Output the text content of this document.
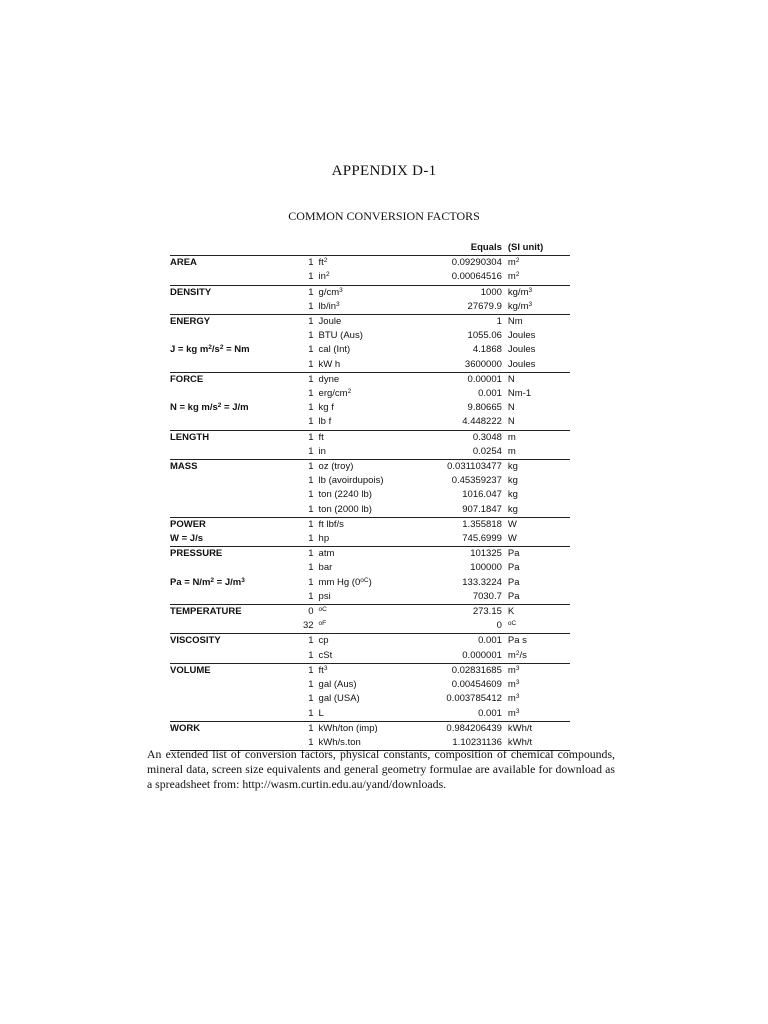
APPENDIX D-1
COMMON CONVERSION FACTORS
			Equals	(SI unit)
AREA	1	$ft^2$	0.09290304	$m^2$
	1	$in^2$	0.00064516	$m^2$
DENSITY	1	$g/cm^3$	1000	$kg/m^3$
	1	$lb/in^3$	27679.9	$kg/m^3$
ENERGY	1	Joule	1	Nm
	1	BTU (Aus)	1055.06	Joules
J = kg $m^2/s^2 = Nm$	1	cal (Int)	4.1868	Joules
	1	kW h	3600000	Joules
FORCE	1	dyne	0.00001	N
	1	erg/$cm^2$	0.001	Nm-1
N = kg $m/s^2 = J/m$	1	kg f	9.80665	N
	1	lb f	4.448222	N
LENGTH	1	ft	0.3048	m
	1	in	0.0254	m
MASS	1	oz (troy)	0.031103477	kg
	1	lb (avoirdupois)	0.45359237	kg
	1	ton (2240 lb)	1016.047	kg
	1	ton (2000 lb)	907.1847	kg
POWER	1	ft lbf/s	1.355818	W
W = J/s	1	hp	745.6999	W
PRESSURE	1	atm	101325	Pa
	1	bar	100000	Pa
$Pa = N/m^2 = J/m^3$	1	mm Hg $(0^{oC})$	133.3224	Pa
	1	psi	7030.7	Pa
TEMPERATURE	0	$^{oC}$	273.15	K
	32	$^{oF}$	0	$^{oC}$
VISCOSITY	1	cp	0.001	Pa s
	1	cSt	0.000001	$m^2/s$
VOLUME	1	$ft^3$	0.02831685	$m^3$
	1	gal (Aus)	0.00454609	$m^3$
	1	gal (USA)	0.003785412	$m^3$
	1	L	0.001	$m^3$
WORK	1	kWh/ton (imp)	0.984206439	kWh/t
	1	kWh/s.ton	1.10231136	kWh/t
An extended list of conversion factors, physical constants, composition of chemical compounds, mineral data, screen size equivalents and general geometry formulae are available for download as a spreadsheet from: http://wasm.curtin.edu.au/yand/downloads.
